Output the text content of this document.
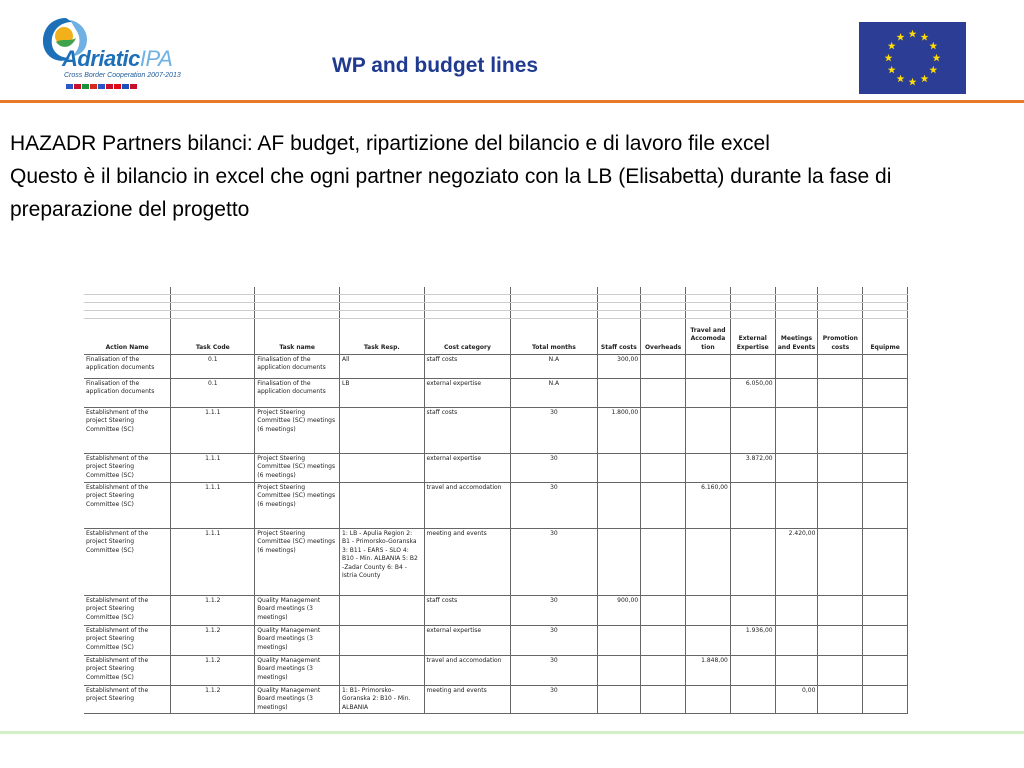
AdriaticIPA
Cross Border Cooperation 2007-2013	WP and budget lines

HAZADR Partners bilanci: AF budget, ripartizione del bilancio e di lavoro file excel

Questo è il bilancio in excel che ogni partner negoziato con la LB (Elisabetta) durante la fase di preparazione del progetto

Action Name	Task Code	Task name	Task Resp.	Cost category	Total months	Staff costs	Overheads	Travel and Accomoda tion	External Expertise	Meetings and Events	Promotion costs	Equipme
Finalisation of the application documents	0.1	Finalisation of the application documents	All	staff costs	N.A	300,00						
Finalisation of the application documents	0.1	Finalisation of the application documents	LB	external expertise	N.A				6.050,00			
Establishment of the project Steering Committee (SC)	1.1.1	Project Steering Committee (SC) meetings (6 meetings)		staff costs	30	1.800,00						
Establishment of the project Steering Committee (SC)	1.1.1	Project Steering Committee (SC) meetings (6 meetings)		external expertise	30				3.872,00			
Establishment of the project Steering Committee (SC)	1.1.1	Project Steering Committee (SC) meetings (6 meetings)		travel and accomodation	30			6.160,00				
Establishment of the project Steering Committee (SC)	1.1.1	Project Steering Committee (SC) meetings (6 meetings)	1: LB - Apulia Region 2: B1 - Primorsko-Goranska 3: B11 - EARS - SLO 4: B10 - Min. ALBANIA 5: B2 -Zadar County 6: B4 -Istria County	meeting and events	30					2.420,00		
Establishment of the project Steering Committee (SC)	1.1.2	Quality Management Board meetings (3 meetings)		staff costs	30	900,00						
Establishment of the project Steering Committee (SC)	1.1.2	Quality Management Board meetings (3 meetings)		external expertise	30				1.936,00			
Establishment of the project Steering Committee (SC)	1.1.2	Quality Management Board meetings (3 meetings)		travel and accomodation	30			1.848,00				
Establishment of the project Steering	1.1.2	Quality Management Board meetings (3 meetings)	1: B1- Primorsko-Goranska 2: B10 - Min. ALBANIA	meeting and events	30					0,00		
